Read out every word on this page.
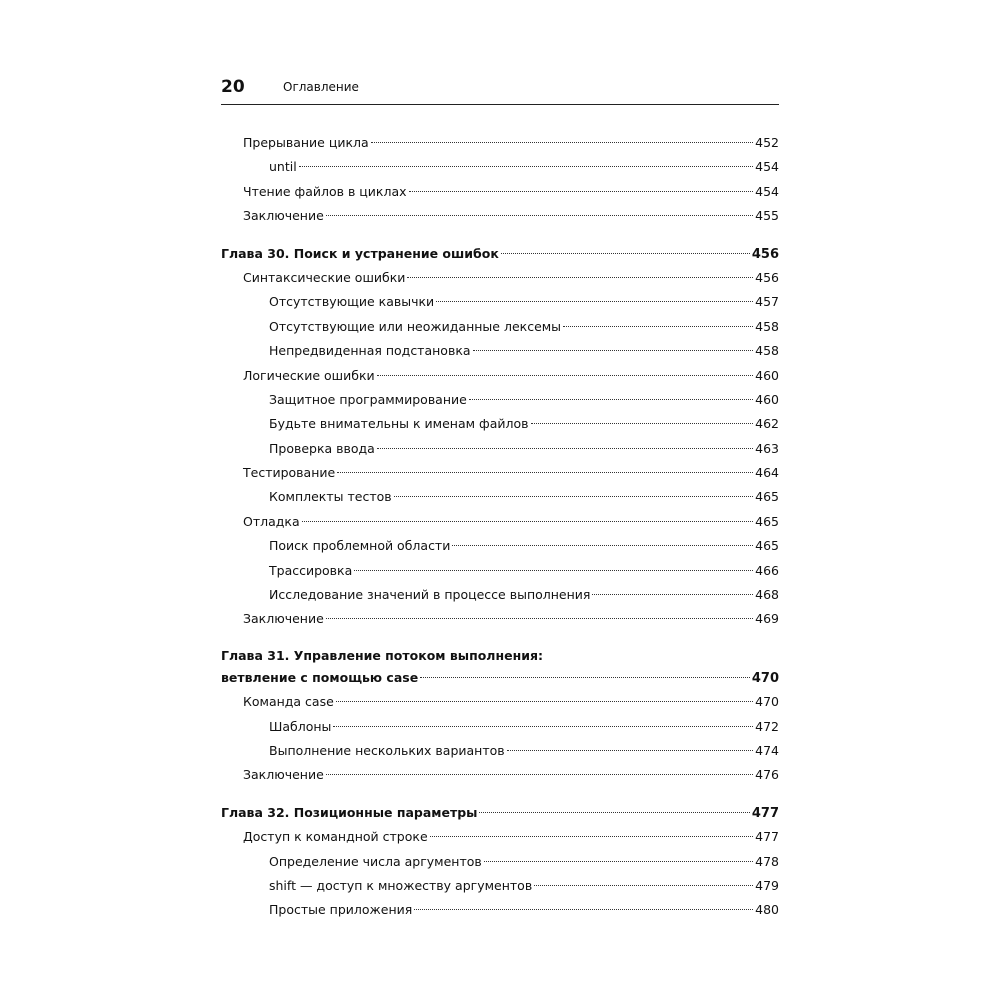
20	Оглавление
Прерывание цикла	452
until	454
Чтение файлов в циклах	454
Заключение	455
Глава 30. Поиск и устранение ошибок	456
Синтаксические ошибки	456
Отсутствующие кавычки	457
Отсутствующие или неожиданные лексемы	458
Непредвиденная подстановка	458
Логические ошибки	460
Защитное программирование	460
Будьте внимательны к именам файлов	462
Проверка ввода	463
Тестирование	464
Комплекты тестов	465
Отладка	465
Поиск проблемной области	465
Трассировка	466
Исследование значений в процессе выполнения	468
Заключение	469
Глава 31. Управление потоком выполнения:
ветвление с помощью case	470
Команда case	470
Шаблоны	472
Выполнение нескольких вариантов	474
Заключение	476
Глава 32. Позиционные параметры	477
Доступ к командной строке	477
Определение числа аргументов	478
shift — доступ к множеству аргументов	479
Простые приложения	480
